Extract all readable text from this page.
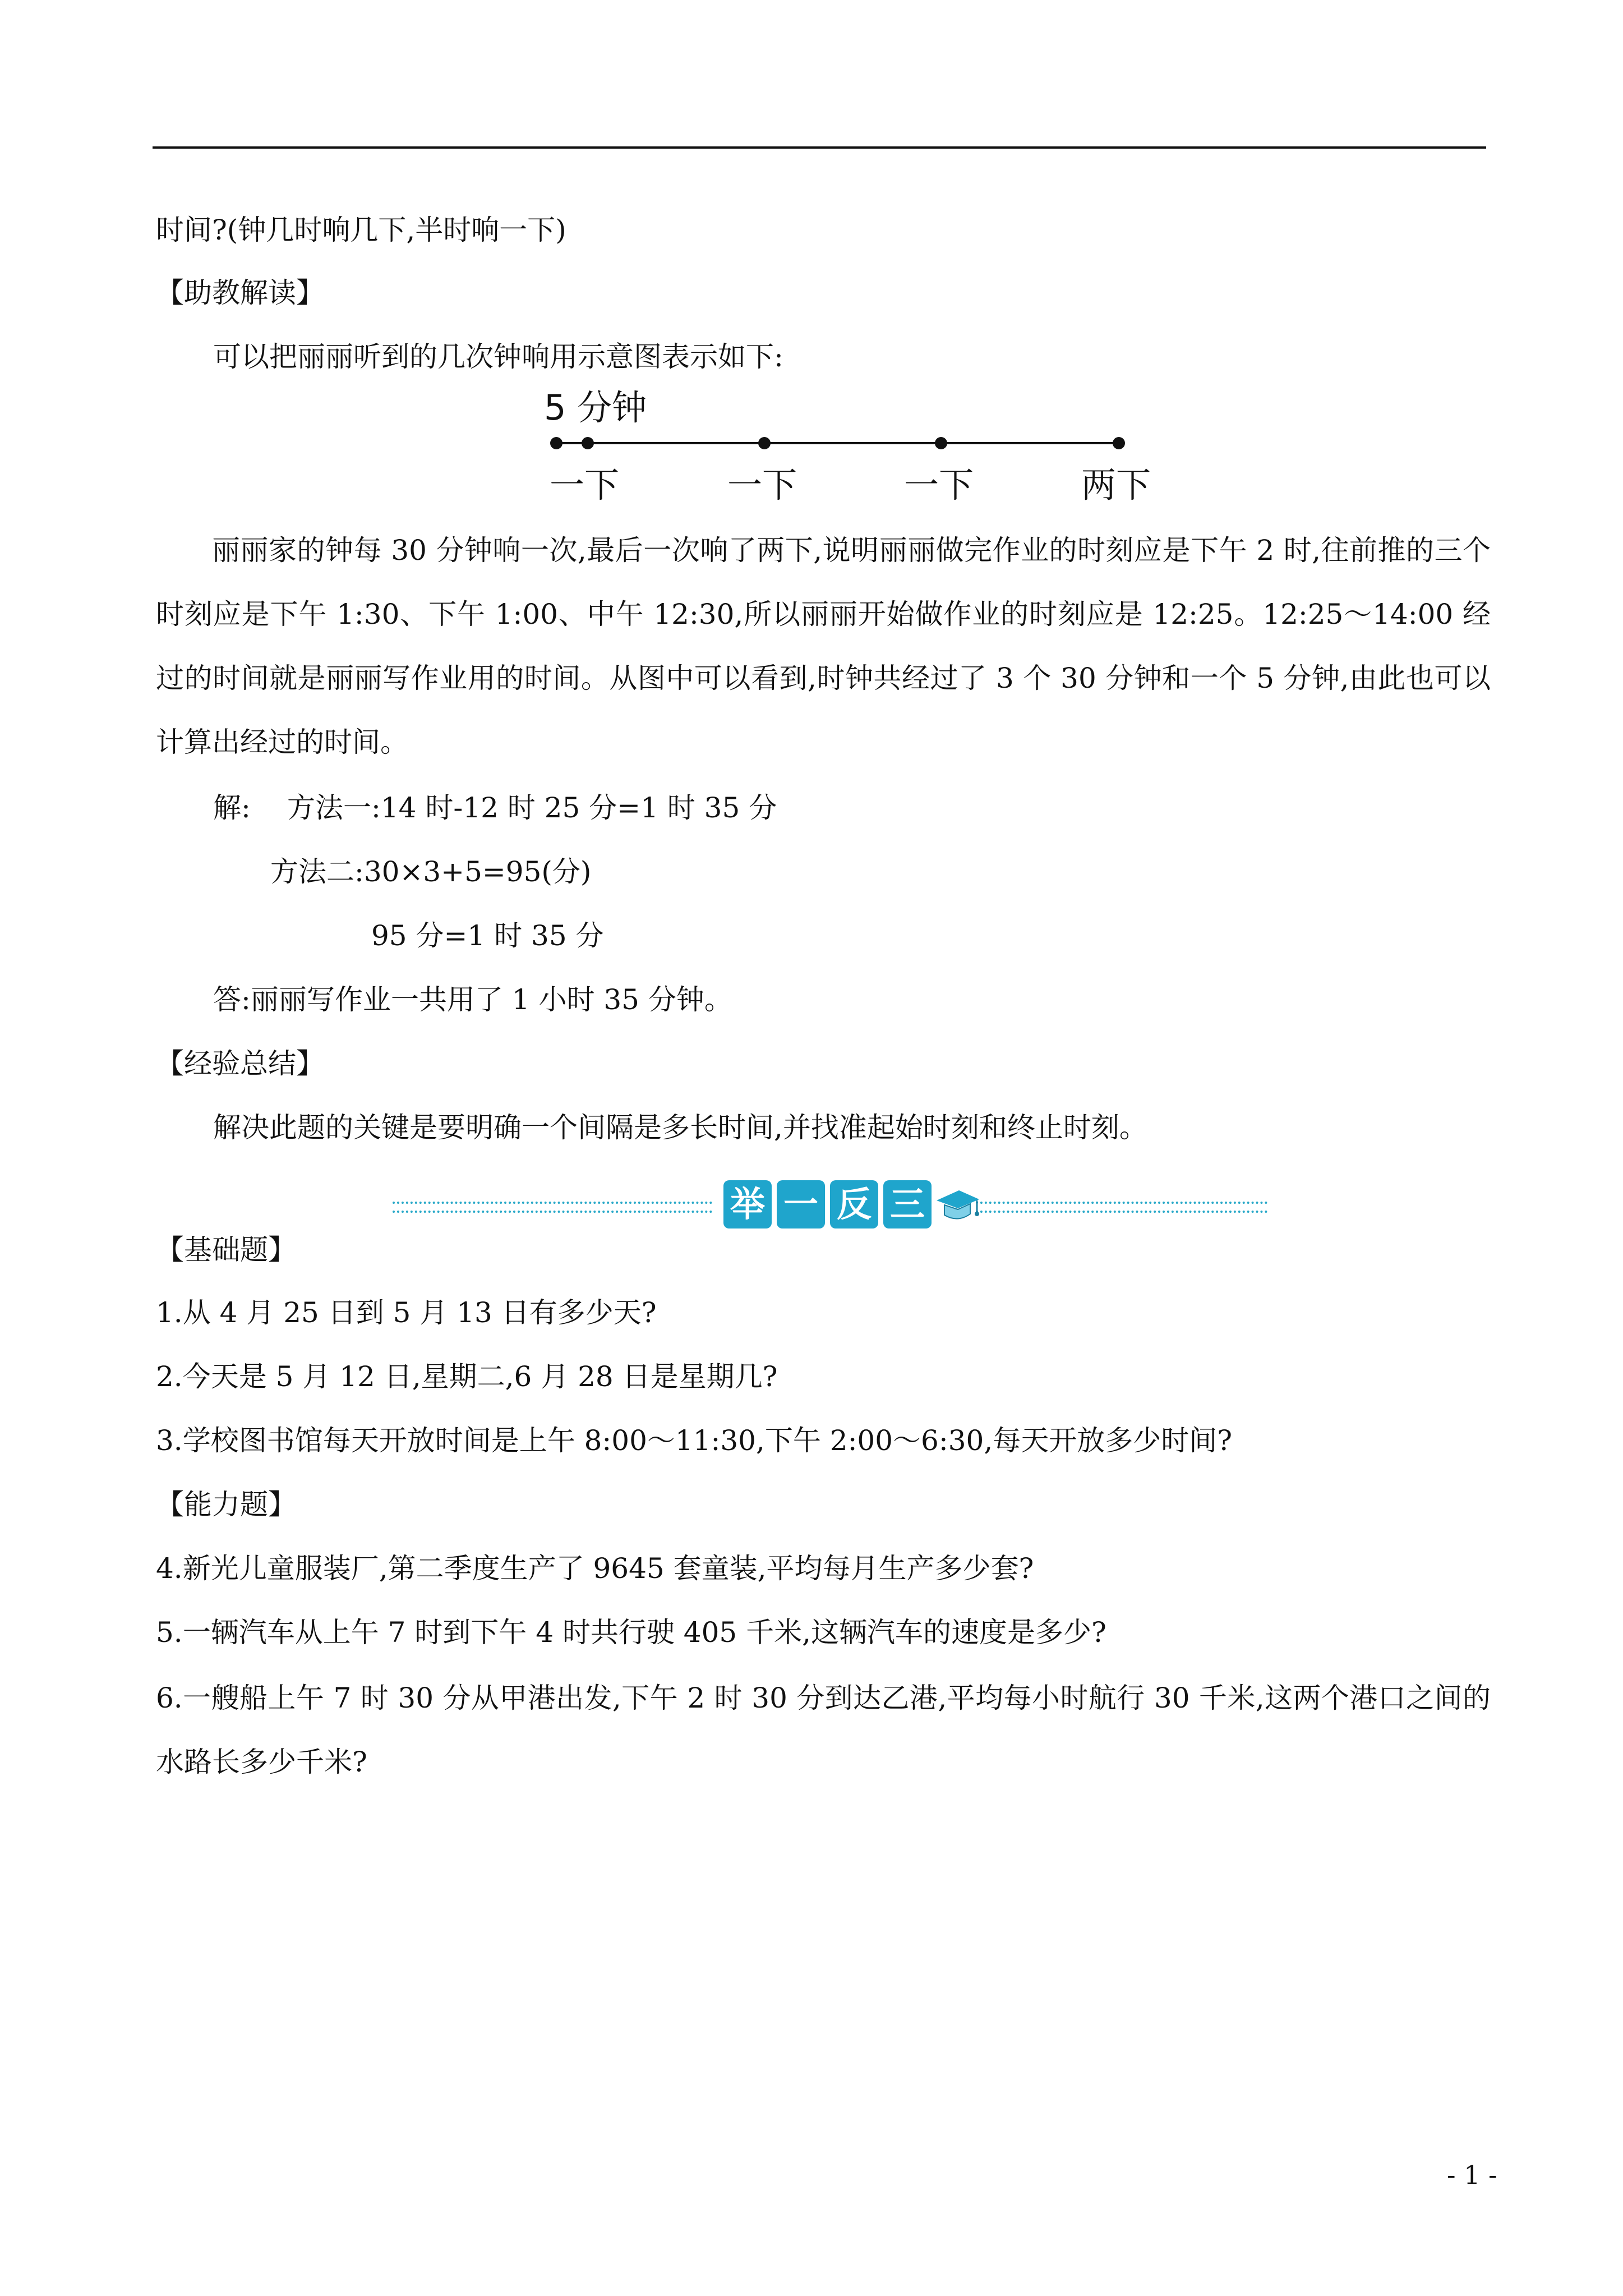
时间?(钟几时响几下,半时响一下)
【助教解读】
可以把丽丽听到的几次钟响用示意图表示如下:
5 分钟
一下	一下	一下	两下
丽丽家的钟每 30 分钟响一次,最后一次响了两下,说明丽丽做完作业的时刻应是下午 2 时,往前推的三个时刻应是下午 1:30、下午 1:00、中午 12:30,所以丽丽开始做作业的时刻应是 12:25。12:25～14:00 经过的时间就是丽丽写作业用的时间。从图中可以看到,时钟共经过了 3 个 30 分钟和一个 5 分钟,由此也可以计算出经过的时间。
解: 方法一:14 时-12 时 25 分=1 时 35 分
方法二:30×3+5=95(分)
95 分=1 时 35 分
答:丽丽写作业一共用了 1 小时 35 分钟。
【经验总结】
解决此题的关键是要明确一个间隔是多长时间,并找准起始时刻和终止时刻。
举 一 反 三
【基础题】
1.从 4 月 25 日到 5 月 13 日有多少天?
2.今天是 5 月 12 日,星期二,6 月 28 日是星期几?
3.学校图书馆每天开放时间是上午 8:00～11:30,下午 2:00～6:30,每天开放多少时间?
【能力题】
4.新光儿童服装厂,第二季度生产了 9645 套童装,平均每月生产多少套?
5.一辆汽车从上午 7 时到下午 4 时共行驶 405 千米,这辆汽车的速度是多少?
6.一艘船上午 7 时 30 分从甲港出发,下午 2 时 30 分到达乙港,平均每小时航行 30 千米,这两个港口之间的水路长多少千米?
- 1 -
